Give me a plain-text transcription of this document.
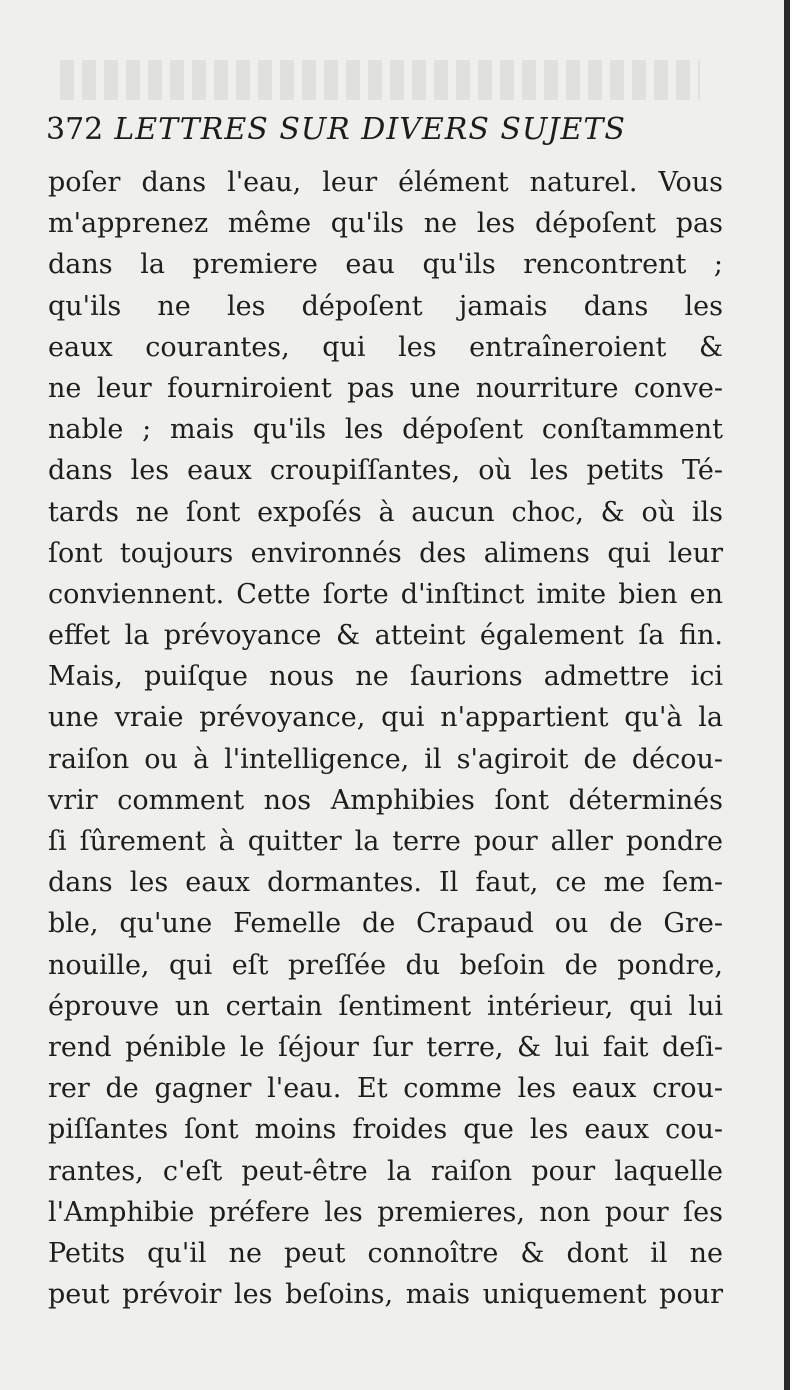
372 LETTRES SUR DIVERS SUJETS
poſer dans l'eau, leur élément naturel. Vous
m'apprenez même qu'ils ne les dépoſent pas
dans la premiere eau qu'ils rencontrent ;
qu'ils ne les dépoſent jamais dans les
eaux courantes, qui les entraîneroient &
ne leur fourniroient pas une nourriture conve-
nable ; mais qu'ils les dépoſent conſtamment
dans les eaux croupiſſantes, où les petits Té-
tards ne ſont expoſés à aucun choc, & où ils
ſont toujours environnés des alimens qui leur
conviennent. Cette ſorte d'inſtinct imite bien en
effet la prévoyance & atteint également ſa fin.
Mais, puiſque nous ne ſaurions admettre ici
une vraie prévoyance, qui n'appartient qu'à la
raiſon ou à l'intelligence, il s'agiroit de décou-
vrir comment nos Amphibies ſont déterminés
ſi ſûrement à quitter la terre pour aller pondre
dans les eaux dormantes. Il faut, ce me ſem-
ble, qu'une Femelle de Crapaud ou de Gre-
nouille, qui eſt preſſée du beſoin de pondre,
éprouve un certain ſentiment intérieur, qui lui
rend pénible le ſéjour ſur terre, & lui fait deſi-
rer de gagner l'eau. Et comme les eaux crou-
piſſantes ſont moins froides que les eaux cou-
rantes, c'eſt peut-être la raiſon pour laquelle
l'Amphibie préfere les premieres, non pour ſes
Petits qu'il ne peut connoître & dont il ne
peut prévoir les beſoins, mais uniquement pour
